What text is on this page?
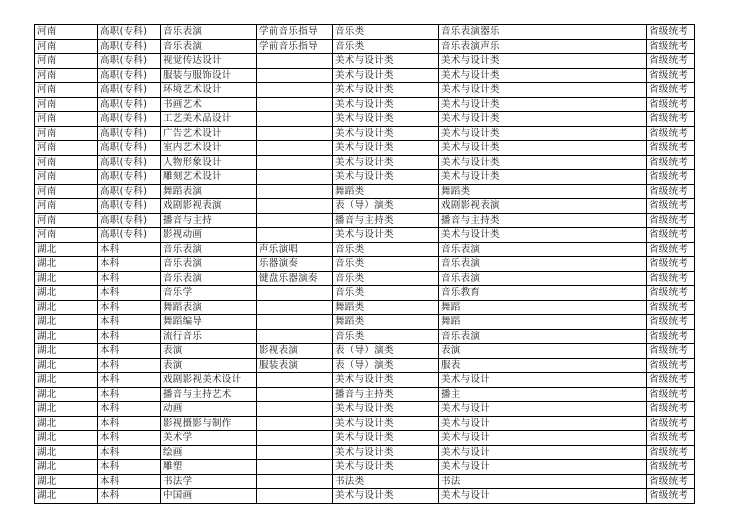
河南	高职(专科)	音乐表演	学前音乐指导	音乐类	音乐表演器乐	省级统考
河南	高职(专科)	音乐表演	学前音乐指导	音乐类	音乐表演声乐	省级统考
河南	高职(专科)	视觉传达设计		美术与设计类	美术与设计类	省级统考
河南	高职(专科)	服装与服饰设计		美术与设计类	美术与设计类	省级统考
河南	高职(专科)	环境艺术设计		美术与设计类	美术与设计类	省级统考
河南	高职(专科)	书画艺术		美术与设计类	美术与设计类	省级统考
河南	高职(专科)	工艺美术品设计		美术与设计类	美术与设计类	省级统考
河南	高职(专科)	广告艺术设计		美术与设计类	美术与设计类	省级统考
河南	高职(专科)	室内艺术设计		美术与设计类	美术与设计类	省级统考
河南	高职(专科)	人物形象设计		美术与设计类	美术与设计类	省级统考
河南	高职(专科)	雕刻艺术设计		美术与设计类	美术与设计类	省级统考
河南	高职(专科)	舞蹈表演		舞蹈类	舞蹈类	省级统考
河南	高职(专科)	戏剧影视表演		表（导）演类	戏剧影视表演	省级统考
河南	高职(专科)	播音与主持		播音与主持类	播音与主持类	省级统考
河南	高职(专科)	影视动画		美术与设计类	美术与设计类	省级统考
湖北	本科	音乐表演	声乐演唱	音乐类	音乐表演	省级统考
湖北	本科	音乐表演	乐器演奏	音乐类	音乐表演	省级统考
湖北	本科	音乐表演	键盘乐器演奏	音乐类	音乐表演	省级统考
湖北	本科	音乐学		音乐类	音乐教育	省级统考
湖北	本科	舞蹈表演		舞蹈类	舞蹈	省级统考
湖北	本科	舞蹈编导		舞蹈类	舞蹈	省级统考
湖北	本科	流行音乐		音乐类	音乐表演	省级统考
湖北	本科	表演	影视表演	表（导）演类	表演	省级统考
湖北	本科	表演	服装表演	表（导）演类	服表	省级统考
湖北	本科	戏剧影视美术设计		美术与设计类	美术与设计	省级统考
湖北	本科	播音与主持艺术		播音与主持类	播主	省级统考
湖北	本科	动画		美术与设计类	美术与设计	省级统考
湖北	本科	影视摄影与制作		美术与设计类	美术与设计	省级统考
湖北	本科	美术学		美术与设计类	美术与设计	省级统考
湖北	本科	绘画		美术与设计类	美术与设计	省级统考
湖北	本科	雕塑		美术与设计类	美术与设计	省级统考
湖北	本科	书法学		书法类	书法	省级统考
湖北	本科	中国画		美术与设计类	美术与设计	省级统考
